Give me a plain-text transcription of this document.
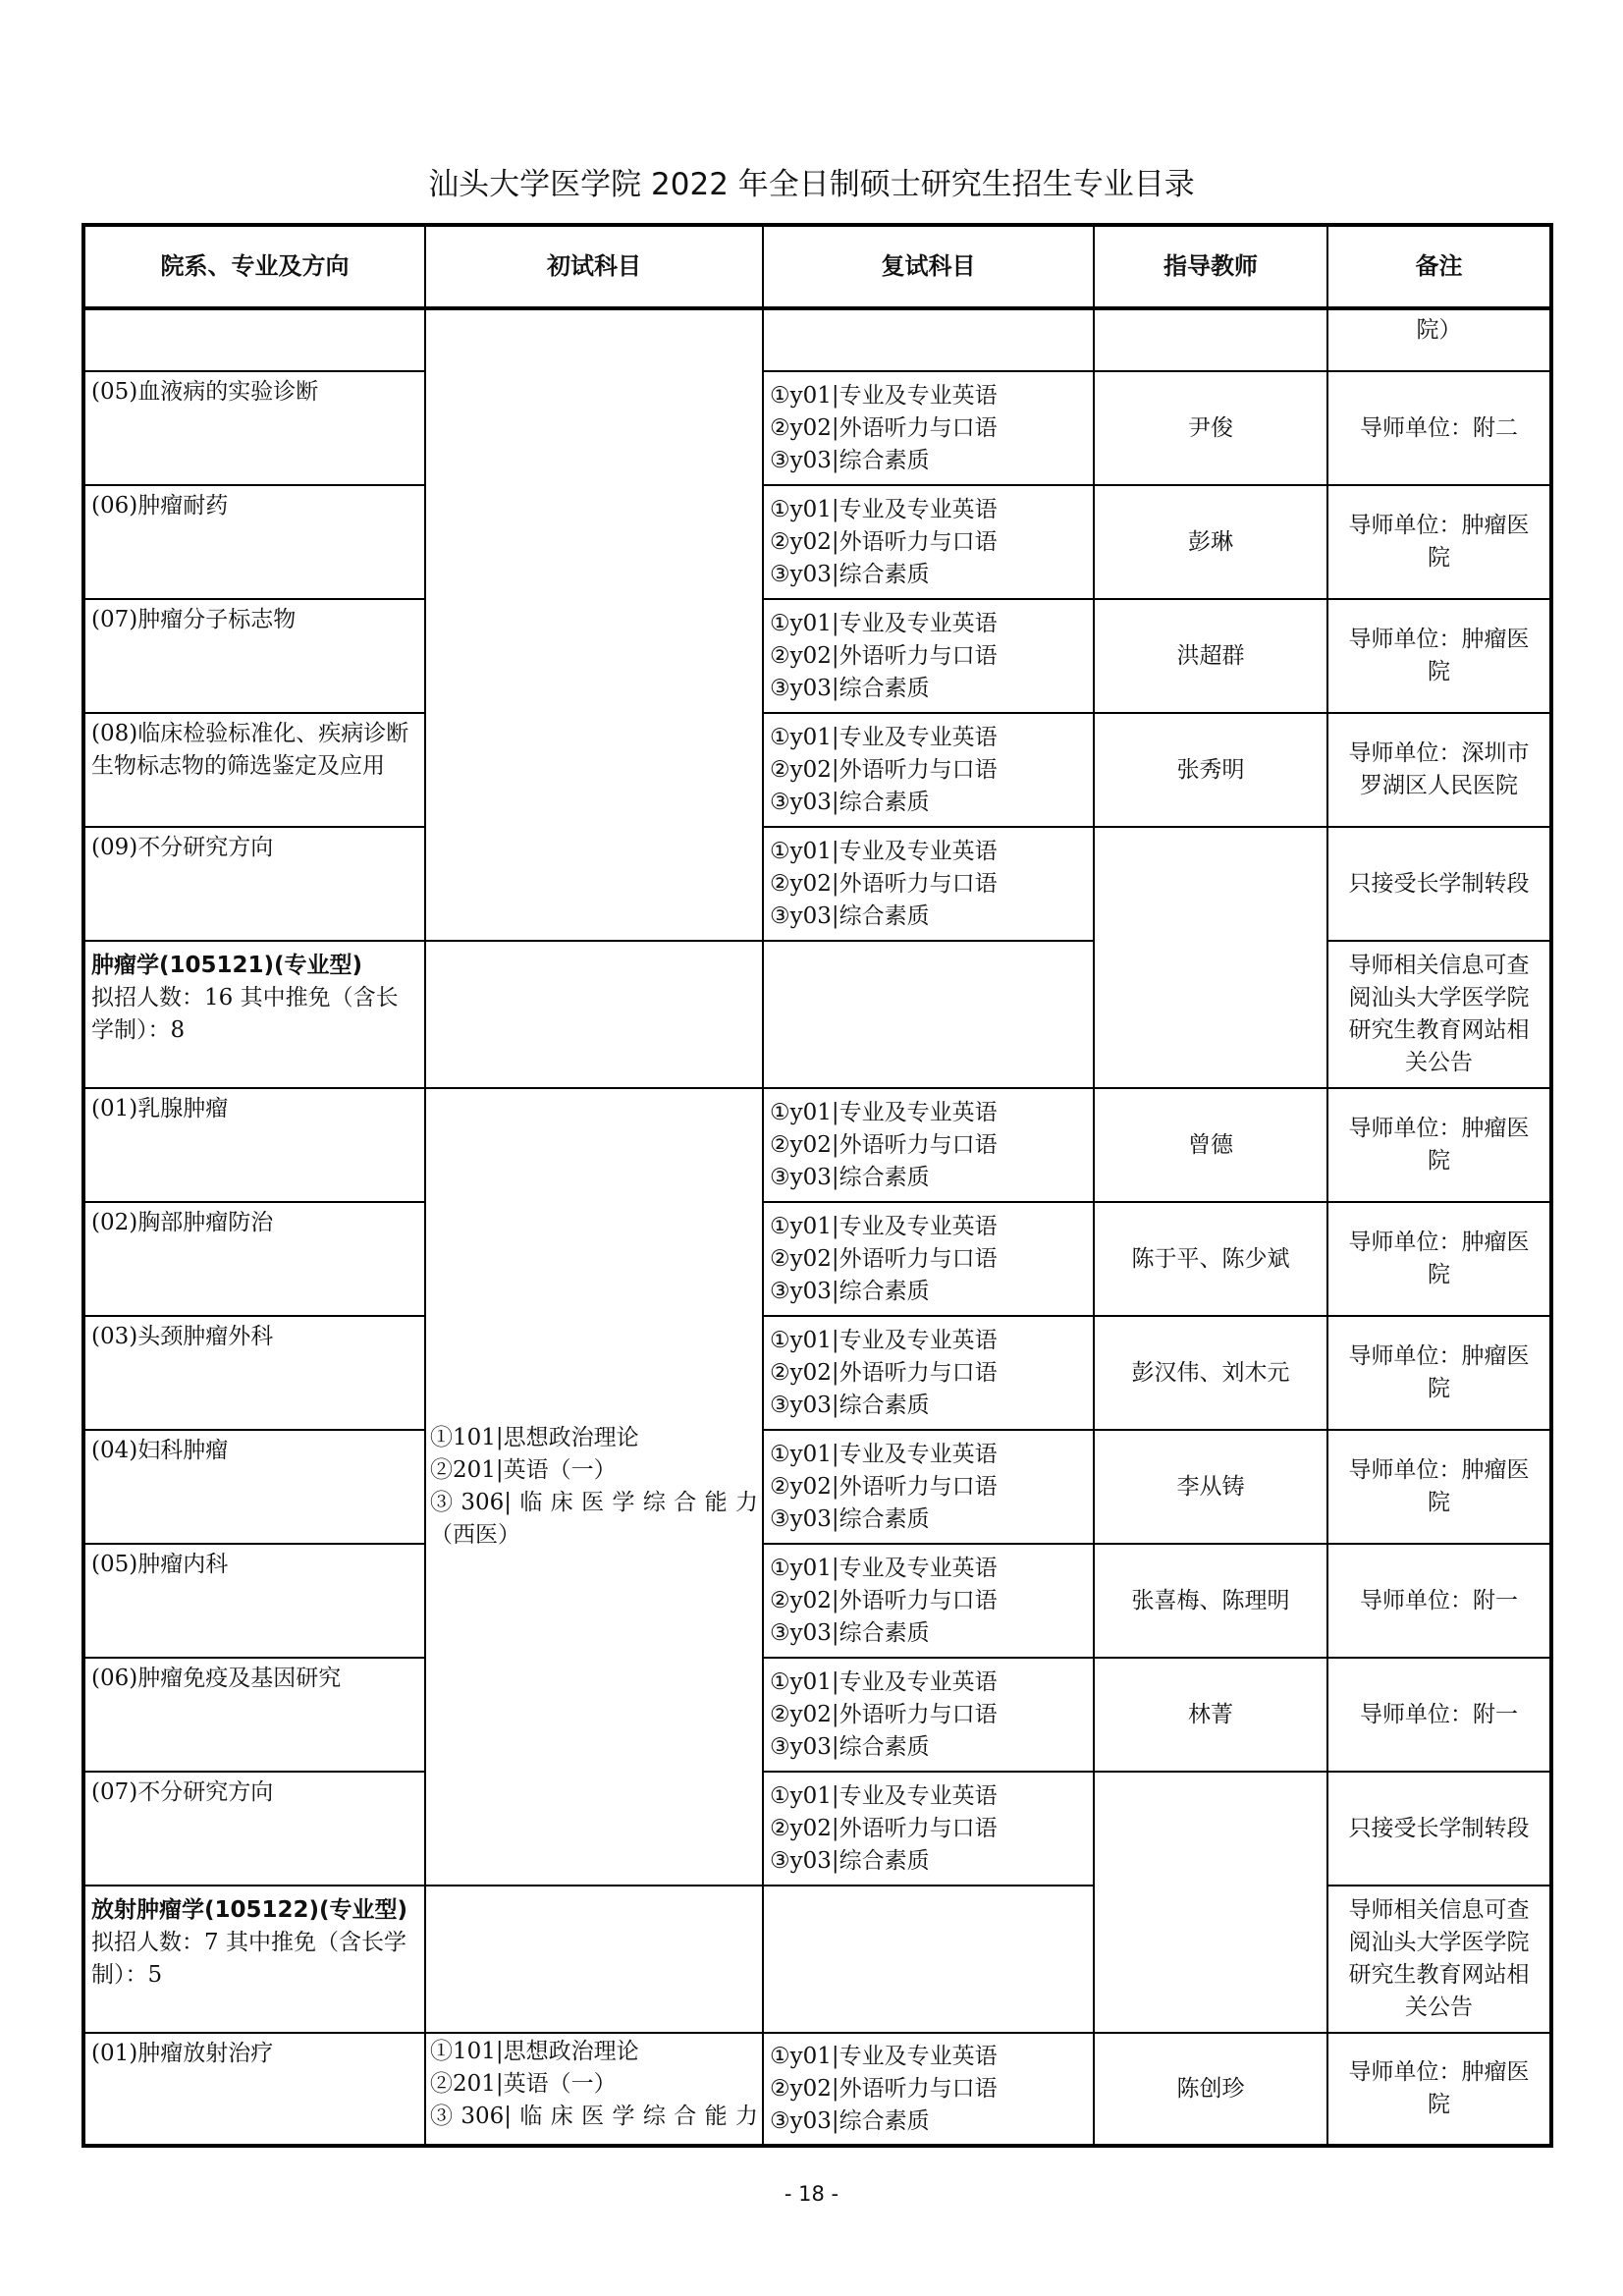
汕头大学医学院 2022 年全日制硕士研究生招生专业目录
院系、专业及方向	初试科目	复试科目	指导教师	备注
				院）
(05)血液病的实验诊断		①y01|专业及专业英语
②y02|外语听力与口语
③y03|综合素质	尹俊	导师单位：附二
(06)肿瘤耐药		①y01|专业及专业英语
②y02|外语听力与口语
③y03|综合素质	彭琳	导师单位：肿瘤医院
(07)肿瘤分子标志物		①y01|专业及专业英语
②y02|外语听力与口语
③y03|综合素质	洪超群	导师单位：肿瘤医院
(08)临床检验标准化、疾病诊断生物标志物的筛选鉴定及应用		①y01|专业及专业英语
②y02|外语听力与口语
③y03|综合素质	张秀明	导师单位：深圳市罗湖区人民医院
(09)不分研究方向		①y01|专业及专业英语
②y02|外语听力与口语
③y03|综合素质		只接受长学制转段

肿瘤学(105121)(专业型)
拟招人数：16 其中推免（含长学制）：8				导师相关信息可查阅汕头大学医学院研究生教育网站相关公告
(01)乳腺肿瘤	①101|思想政治理论
②201|英语（一）
③306|临床医学综合能力
（西医）	①y01|专业及专业英语
②y02|外语听力与口语
③y03|综合素质	曾德	导师单位：肿瘤医院
(02)胸部肿瘤防治		①y01|专业及专业英语
②y02|外语听力与口语
③y03|综合素质	陈于平、陈少斌	导师单位：肿瘤医院
(03)头颈肿瘤外科		①y01|专业及专业英语
②y02|外语听力与口语
③y03|综合素质	彭汉伟、刘木元	导师单位：肿瘤医院
(04)妇科肿瘤		①y01|专业及专业英语
②y02|外语听力与口语
③y03|综合素质	李从铸	导师单位：肿瘤医院
(05)肿瘤内科		①y01|专业及专业英语
②y02|外语听力与口语
③y03|综合素质	张喜梅、陈理明	导师单位：附一
(06)肿瘤免疫及基因研究		①y01|专业及专业英语
②y02|外语听力与口语
③y03|综合素质	林菁	导师单位：附一
(07)不分研究方向		①y01|专业及专业英语
②y02|外语听力与口语
③y03|综合素质		只接受长学制转段

放射肿瘤学(105122)(专业型)
拟招人数：7 其中推免（含长学制）：5				导师相关信息可查阅汕头大学医学院研究生教育网站相关公告
(01)肿瘤放射治疗	①101|思想政治理论
②201|英语（一）
③306|临床医学综合能力	①y01|专业及专业英语
②y02|外语听力与口语
③y03|综合素质	陈创珍	导师单位：肿瘤医院
- 18 -
